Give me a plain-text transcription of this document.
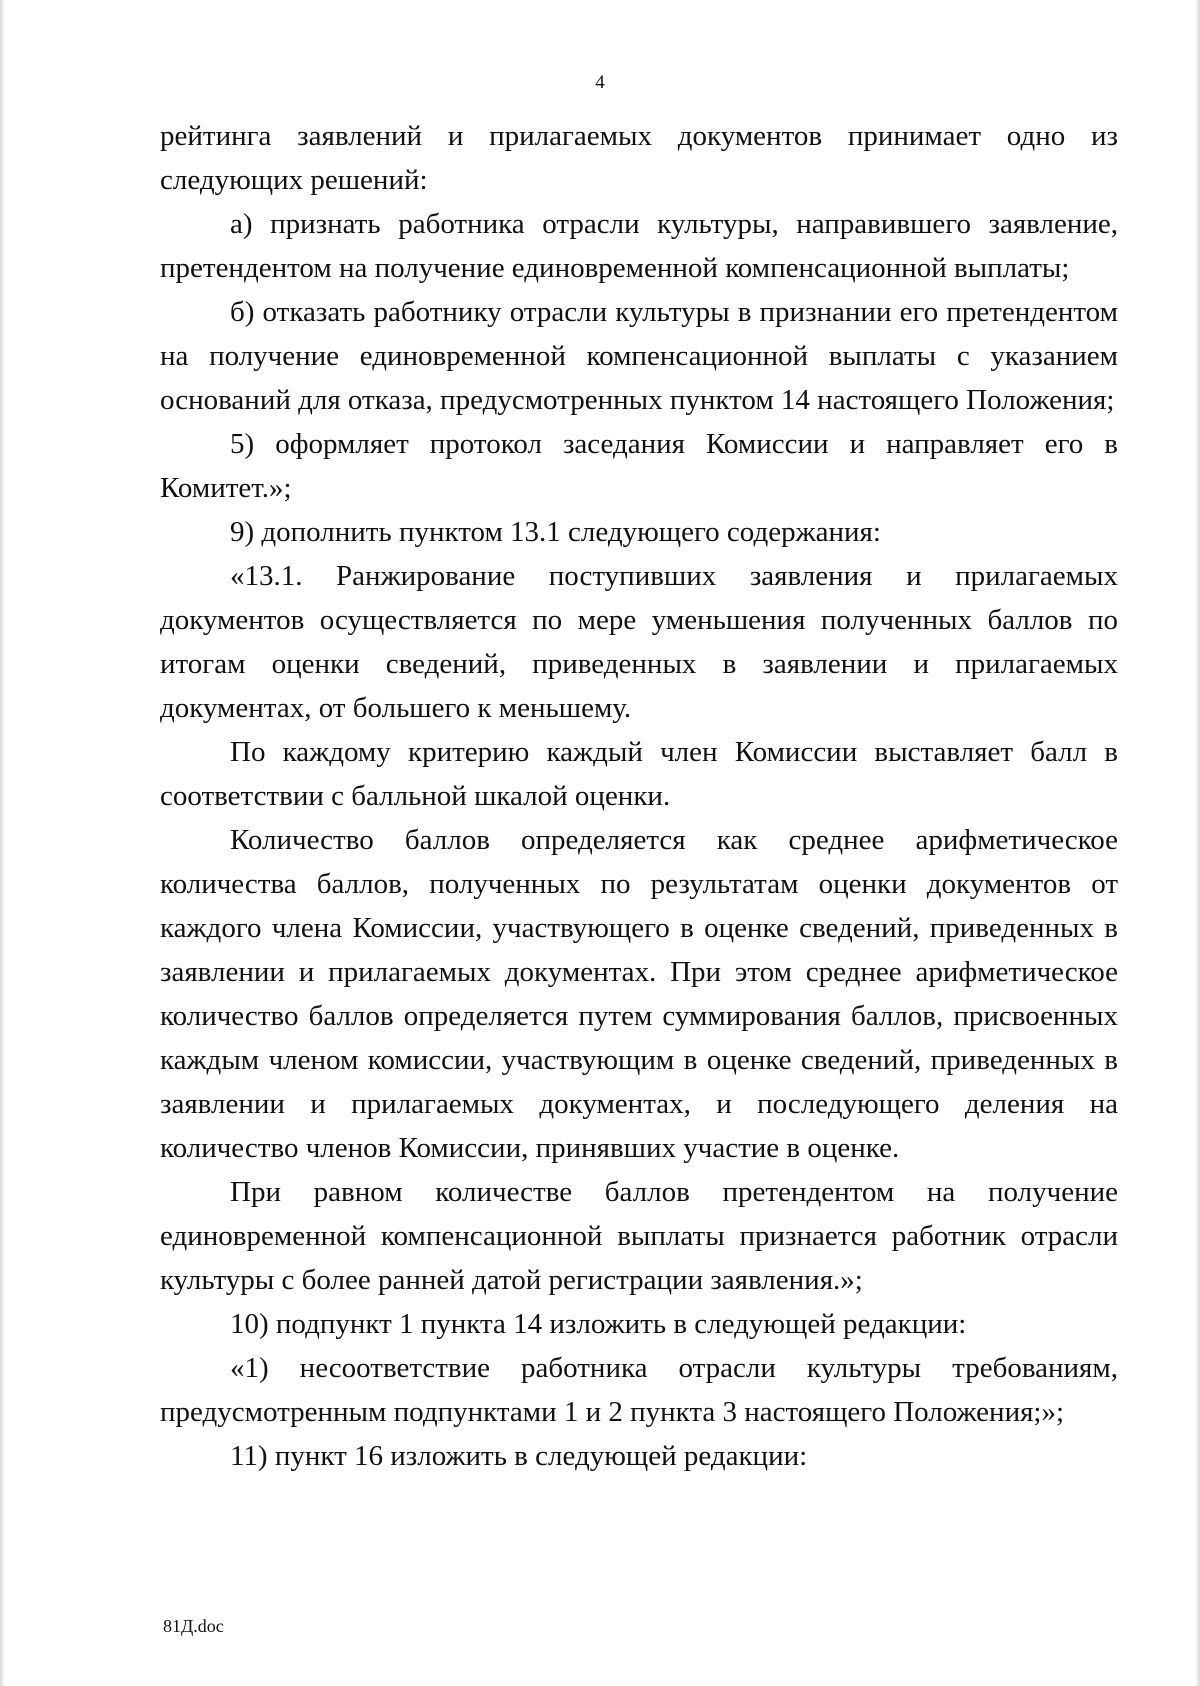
4

рейтинга заявлений и прилагаемых документов принимает одно из следующих решений:

а) признать работника отрасли культуры, направившего заявление, претендентом на получение единовременной компенсационной выплаты;

б) отказать работнику отрасли культуры в признании его претендентом на получение единовременной компенсационной выплаты с указанием оснований для отказа, предусмотренных пунктом 14 настоящего Положения;

5) оформляет протокол заседания Комиссии и направляет его в Комитет.»;

9) дополнить пунктом 13.1 следующего содержания:

«13.1. Ранжирование поступивших заявления и прилагаемых документов осуществляется по мере уменьшения полученных баллов по итогам оценки сведений, приведенных в заявлении и прилагаемых документах, от большего к меньшему.

По каждому критерию каждый член Комиссии выставляет балл в соответствии с балльной шкалой оценки.

Количество баллов определяется как среднее арифметическое количества баллов, полученных по результатам оценки документов от каждого члена Комиссии, участвующего в оценке сведений, приведенных в заявлении и прилагаемых документах. При этом среднее арифметическое количество баллов определяется путем суммирования баллов, присвоенных каждым членом комиссии, участвующим в оценке сведений, приведенных в заявлении и прилагаемых документах, и последующего деления на количество членов Комиссии, принявших участие в оценке.

При равном количестве баллов претендентом на получение единовременной компенсационной выплаты признается работник отрасли культуры с более ранней датой регистрации заявления.»;

10) подпункт 1 пункта 14 изложить в следующей редакции:

«1) несоответствие работника отрасли культуры требованиям, предусмотренным подпунктами 1 и 2 пункта 3 настоящего Положения;»;

11) пункт 16 изложить в следующей редакции:

81Д.doc
